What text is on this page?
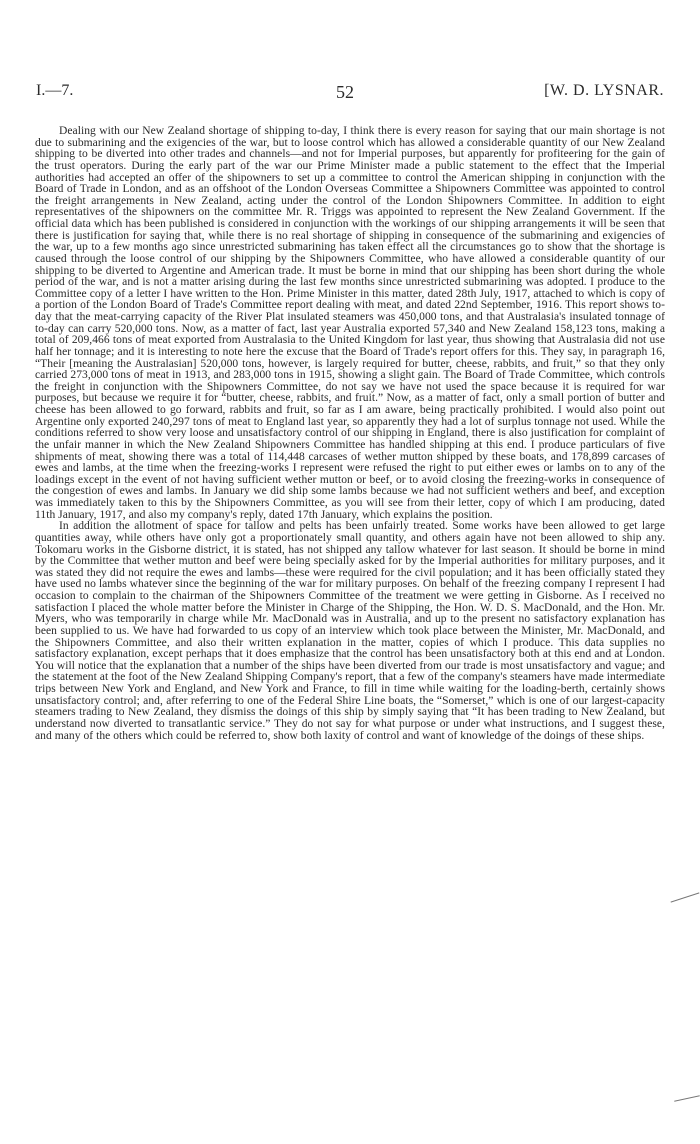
I.—7.	52	[W. D. LYSNAR.

Dealing with our New Zealand shortage of shipping to-day, I think there is every reason for saying that our main shortage is not due to submarining and the exigencies of the war, but to loose control which has allowed a considerable quantity of our New Zealand shipping to be diverted into other trades and channels—and not for Imperial purposes, but apparently for profiteering for the gain of the trust operators. During the early part of the war our Prime Minister made a public statement to the effect that the Imperial authorities had accepted an offer of the shipowners to set up a committee to control the American shipping in conjunction with the Board of Trade in London, and as an offshoot of the London Overseas Committee a Shipowners Committee was appointed to control the freight arrangements in New Zealand, acting under the control of the London Shipowners Committee. In addition to eight representatives of the shipowners on the committee Mr. R. Triggs was appointed to represent the New Zealand Government. If the official data which has been published is considered in conjunction with the workings of our shipping arrangements it will be seen that there is justification for saying that, while there is no real shortage of shipping in consequence of the submarining and exigencies of the war, up to a few months ago since unrestricted submarining has taken effect all the circumstances go to show that the shortage is caused through the loose control of our shipping by the Shipowners Committee, who have allowed a considerable quantity of our shipping to be diverted to Argentine and American trade. It must be borne in mind that our shipping has been short during the whole period of the war, and is not a matter arising during the last few months since unrestricted submarining was adopted. I produce to the Committee copy of a letter I have written to the Hon. Prime Minister in this matter, dated 28th July, 1917, attached to which is copy of a portion of the London Board of Trade's Committee report dealing with meat, and dated 22nd September, 1916. This report shows to-day that the meat-carrying capacity of the River Plat insulated steamers was 450,000 tons, and that Australasia's insulated tonnage of to-day can carry 520,000 tons. Now, as a matter of fact, last year Australia exported 57,340 and New Zealand 158,123 tons, making a total of 209,466 tons of meat exported from Australasia to the United Kingdom for last year, thus showing that Australasia did not use half her tonnage; and it is interesting to note here the excuse that the Board of Trade's report offers for this. They say, in paragraph 16, “Their [meaning the Australasian] 520,000 tons, however, is largely required for butter, cheese, rabbits, and fruit,” so that they only carried 273,000 tons of meat in 1913, and 283,000 tons in 1915, showing a slight gain. The Board of Trade Committee, which controls the freight in conjunction with the Shipowners Committee, do not say we have not used the space because it is required for war purposes, but because we require it for “butter, cheese, rabbits, and fruit.” Now, as a matter of fact, only a small portion of butter and cheese has been allowed to go forward, rabbits and fruit, so far as I am aware, being practically prohibited. I would also point out Argentine only exported 240,297 tons of meat to England last year, so apparently they had a lot of surplus tonnage not used. While the conditions referred to show very loose and unsatisfactory control of our shipping in England, there is also justification for complaint of the unfair manner in which the New Zealand Shipowners Committee has handled shipping at this end. I produce particulars of five shipments of meat, showing there was a total of 114,448 carcases of wether mutton shipped by these boats, and 178,899 carcases of ewes and lambs, at the time when the freezing-works I represent were refused the right to put either ewes or lambs on to any of the loadings except in the event of not having sufficient wether mutton or beef, or to avoid closing the freezing-works in consequence of the congestion of ewes and lambs. In January we did ship some lambs because we had not sufficient wethers and beef, and exception was immediately taken to this by the Shipowners Committee, as you will see from their letter, copy of which I am producing, dated 11th January, 1917, and also my company's reply, dated 17th January, which explains the position.

In addition the allotment of space for tallow and pelts has been unfairly treated. Some works have been allowed to get large quantities away, while others have only got a proportionately small quantity, and others again have not been allowed to ship any. Tokomaru works in the Gisborne district, it is stated, has not shipped any tallow whatever for last season. It should be borne in mind by the Committee that wether mutton and beef were being specially asked for by the Imperial authorities for military purposes, and it was stated they did not require the ewes and lambs—these were required for the civil population; and it has been officially stated they have used no lambs whatever since the beginning of the war for military purposes. On behalf of the freezing company I represent I had occasion to complain to the chairman of the Shipowners Committee of the treatment we were getting in Gisborne. As I received no satisfaction I placed the whole matter before the Minister in Charge of the Shipping, the Hon. W. D. S. MacDonald, and the Hon. Mr. Myers, who was temporarily in charge while Mr. MacDonald was in Australia, and up to the present no satisfactory explanation has been supplied to us. We have had forwarded to us copy of an interview which took place between the Minister, Mr. MacDonald, and the Shipowners Committee, and also their written explanation in the matter, copies of which I produce. This data supplies no satisfactory explanation, except perhaps that it does emphasize that the control has been unsatisfactory both at this end and at London. You will notice that the explanation that a number of the ships have been diverted from our trade is most unsatisfactory and vague; and the statement at the foot of the New Zealand Shipping Company's report, that a few of the company's steamers have made intermediate trips between New York and England, and New York and France, to fill in time while waiting for the loading-berth, certainly shows unsatisfactory control; and, after referring to one of the Federal Shire Line boats, the “Somerset,” which is one of our largest-capacity steamers trading to New Zealand, they dismiss the doings of this ship by simply saying that “It has been trading to New Zealand, but understand now diverted to transatlantic service.” They do not say for what purpose or under what instructions, and I suggest these, and many of the others which could be referred to, show both laxity of control and want of knowledge of the doings of these ships.
